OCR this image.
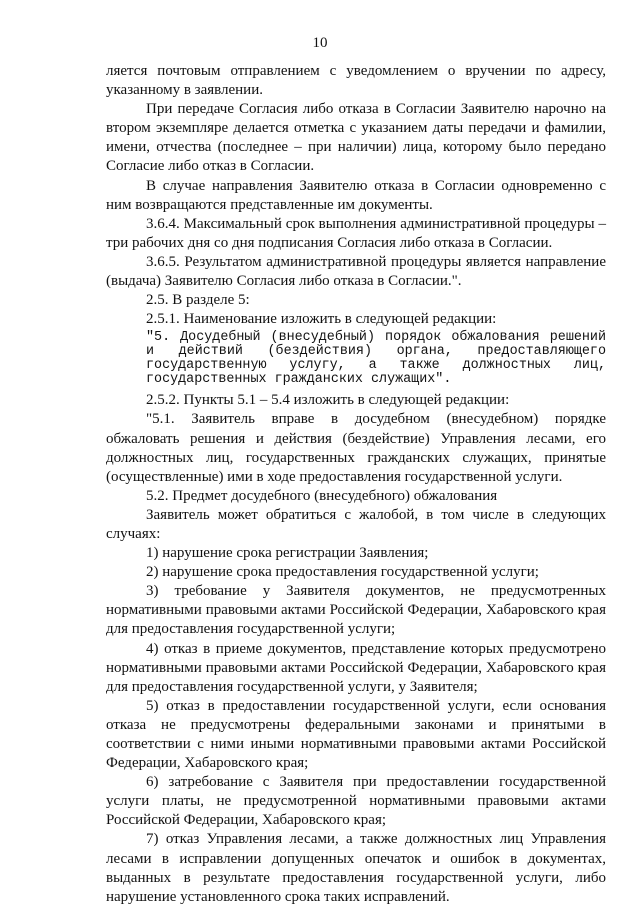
10

ляется почтовым отправлением с уведомлением о вручении по адресу, указанному в заявлении.

При передаче Согласия либо отказа в Согласии Заявителю нарочно на втором экземпляре делается отметка с указанием даты передачи и фамилии, имени, отчества (последнее – при наличии) лица, которому было передано Согласие либо отказ в Согласии.

В случае направления Заявителю отказа в Согласии одновременно с ним возвращаются представленные им документы.

3.6.4. Максимальный срок выполнения административной процедуры – три рабочих дня со дня подписания Согласия либо отказа в Согласии.

3.6.5. Результатом административной процедуры является направление (выдача) Заявителю Согласия либо отказа в Согласии.".

2.5. В разделе 5:

2.5.1. Наименование изложить в следующей редакции:

"5. Досудебный (внесудебный) порядок обжалования решений и действий (бездействия) органа, предоставляющего государственную услугу, а также должностных лиц, государственных гражданских служащих".

2.5.2. Пункты 5.1 – 5.4 изложить в следующей редакции:

"5.1. Заявитель вправе в досудебном (внесудебном) порядке обжаловать решения и действия (бездействие) Управления лесами, его должностных лиц, государственных гражданских служащих, принятые (осуществленные) ими в ходе предоставления государственной услуги.

5.2. Предмет досудебного (внесудебного) обжалования

Заявитель может обратиться с жалобой, в том числе в следующих случаях:

1) нарушение срока регистрации Заявления;

2) нарушение срока предоставления государственной услуги;

3) требование у Заявителя документов, не предусмотренных нормативными правовыми актами Российской Федерации, Хабаровского края для предоставления государственной услуги;

4) отказ в приеме документов, представление которых предусмотрено нормативными правовыми актами Российской Федерации, Хабаровского края для предоставления государственной услуги, у Заявителя;

5) отказ в предоставлении государственной услуги, если основания отказа не предусмотрены федеральными законами и принятыми в соответствии с ними иными нормативными правовыми актами Российской Федерации, Хабаровского края;

6) затребование с Заявителя при предоставлении государственной услуги платы, не предусмотренной нормативными правовыми актами Российской Федерации, Хабаровского края;

7) отказ Управления лесами, а также должностных лиц Управления лесами в исправлении допущенных опечаток и ошибок в документах, выданных в результате предоставления государственной услуги, либо нарушение установленного срока таких исправлений.
